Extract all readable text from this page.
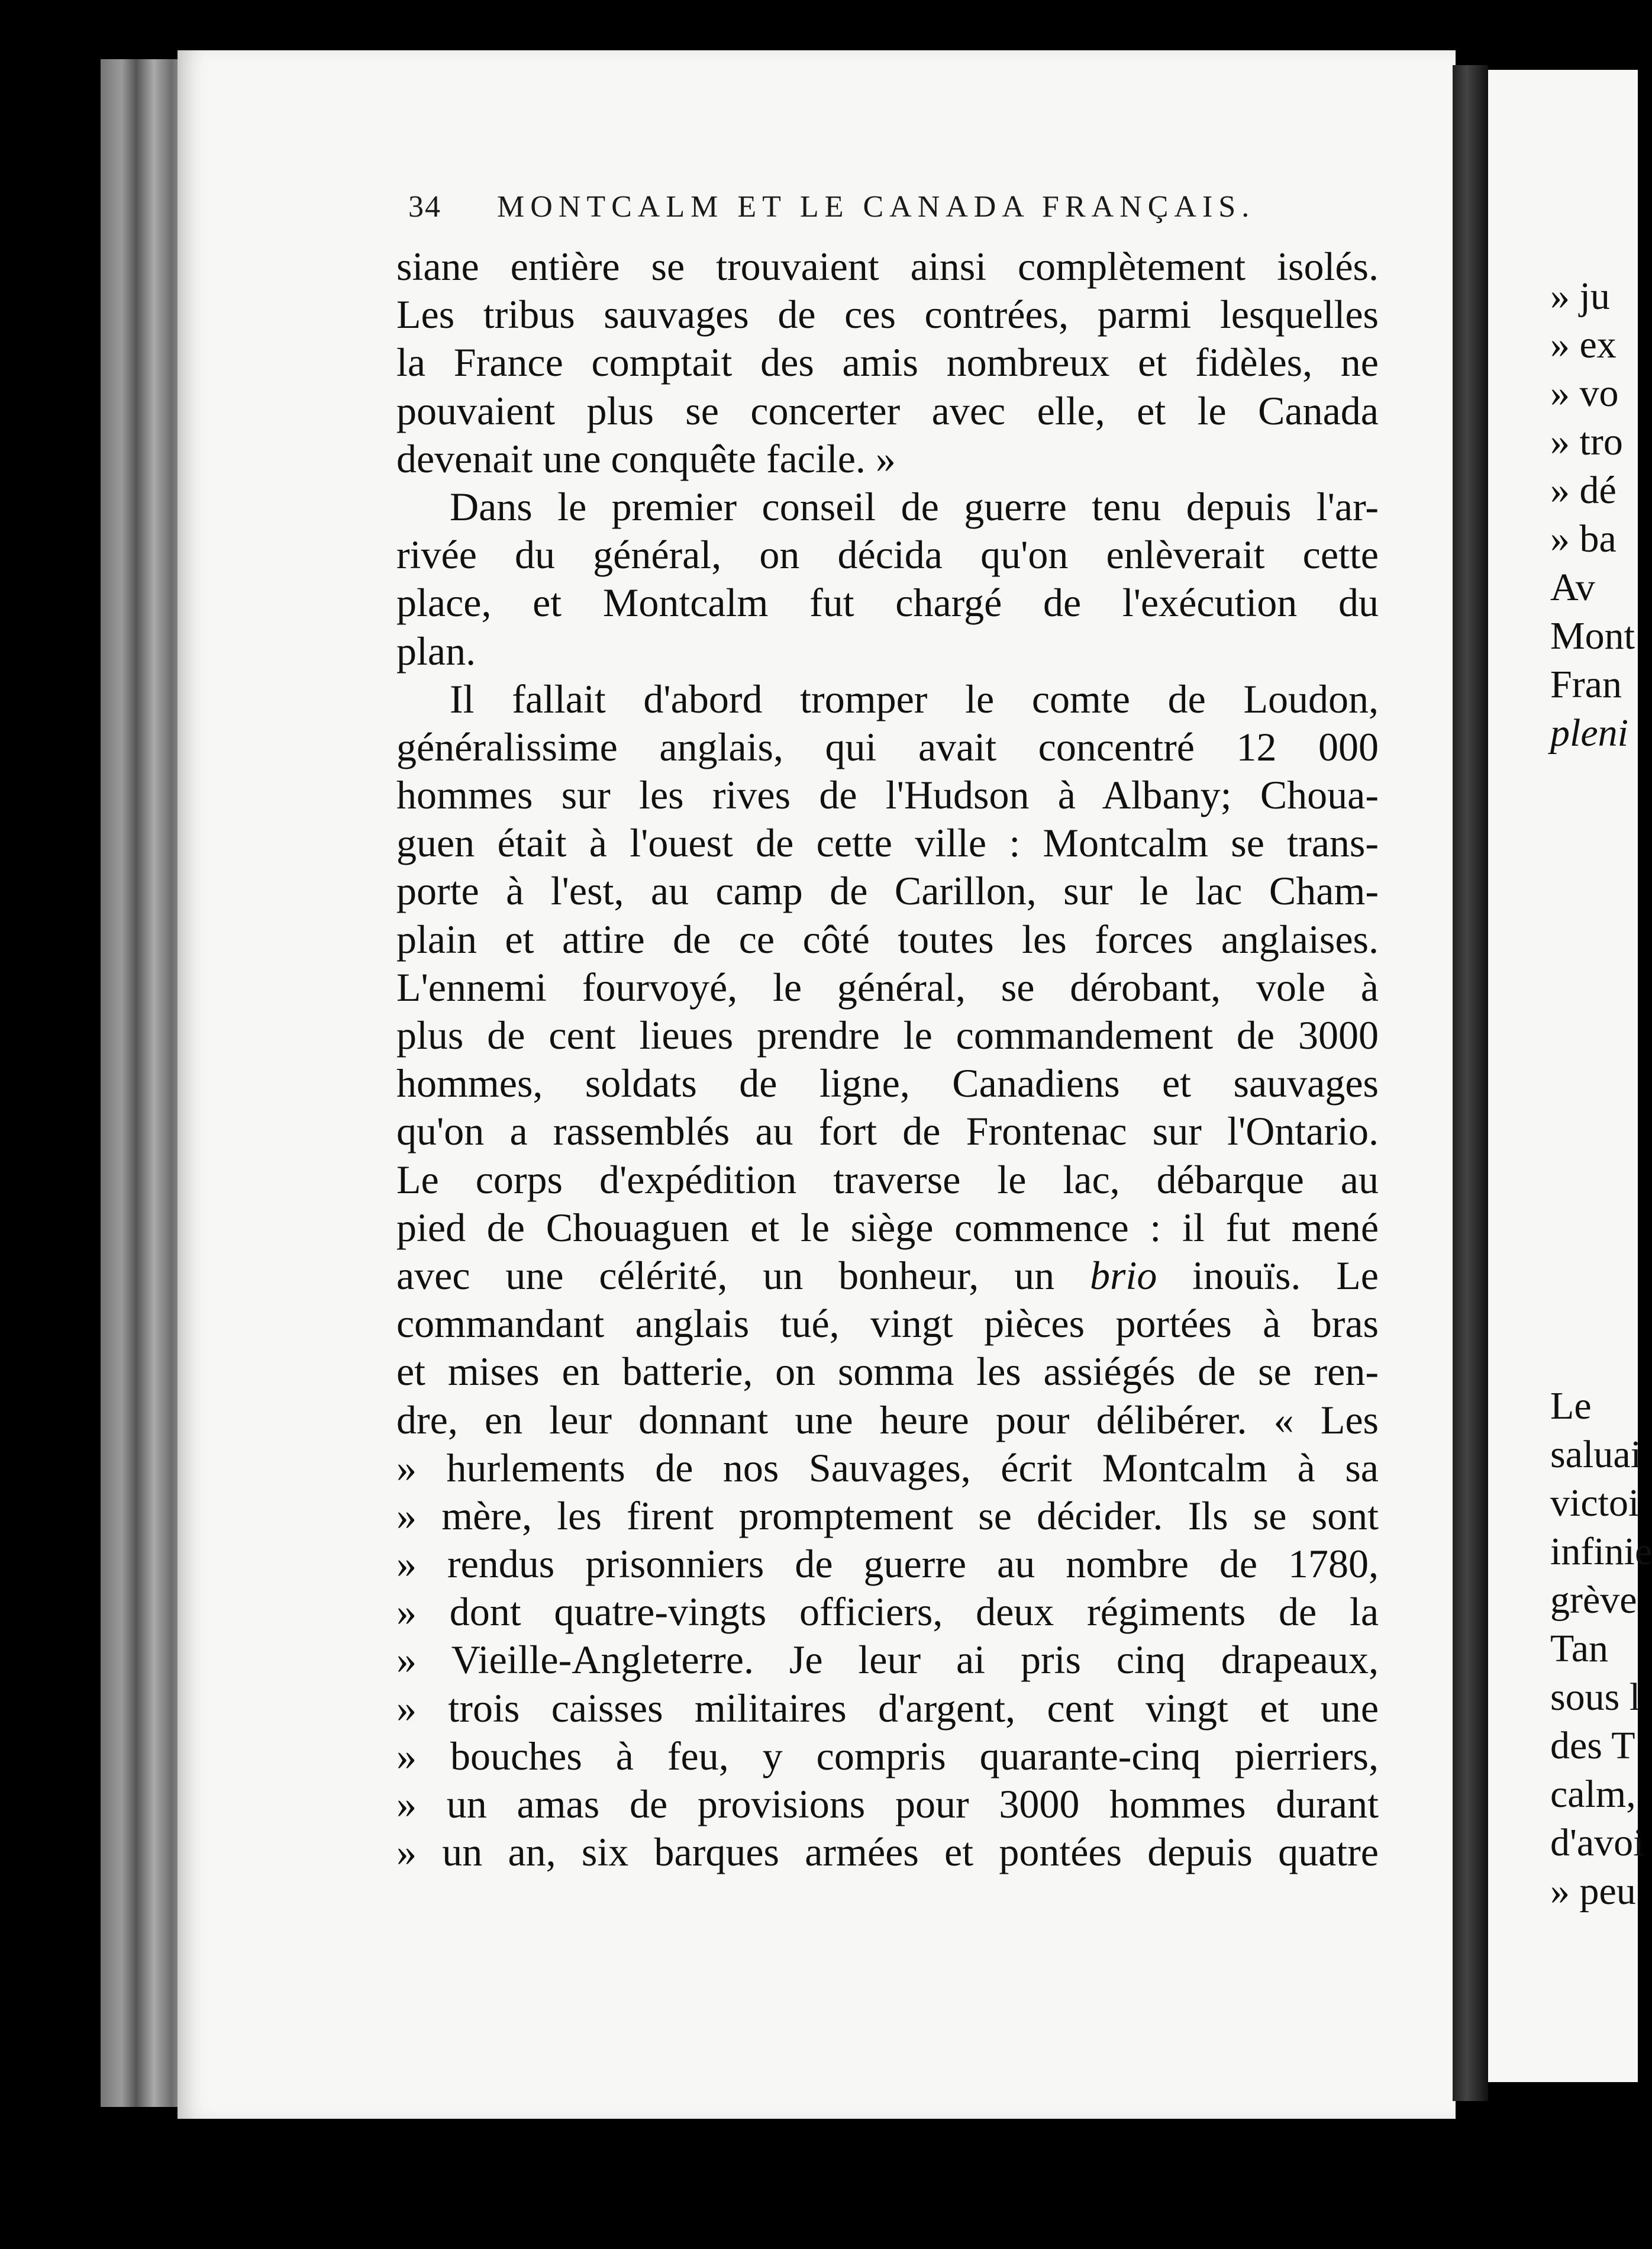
34 MONTCALM ET LE CANADA FRANÇAIS.
siane entière se trouvaient ainsi complètement isolés.
Les tribus sauvages de ces contrées, parmi lesquelles
la France comptait des amis nombreux et fidèles, ne
pouvaient plus se concerter avec elle, et le Canada
devenait une conquête facile. »
Dans le premier conseil de guerre tenu depuis l'ar-
rivée du général, on décida qu'on enlèverait cette
place, et Montcalm fut chargé de l'exécution du
plan.
Il fallait d'abord tromper le comte de Loudon,
généralissime anglais, qui avait concentré 12 000
hommes sur les rives de l'Hudson à Albany; Choua-
guen était à l'ouest de cette ville : Montcalm se trans-
porte à l'est, au camp de Carillon, sur le lac Cham-
plain et attire de ce côté toutes les forces anglaises.
L'ennemi fourvoyé, le général, se dérobant, vole à
plus de cent lieues prendre le commandement de 3000
hommes, soldats de ligne, Canadiens et sauvages
qu'on a rassemblés au fort de Frontenac sur l'Ontario.
Le corps d'expédition traverse le lac, débarque au
pied de Chouaguen et le siège commence : il fut mené
avec une célérité, un bonheur, un brio inouïs. Le
commandant anglais tué, vingt pièces portées à bras
et mises en batterie, on somma les assiégés de se ren-
dre, en leur donnant une heure pour délibérer. « Les
» hurlements de nos Sauvages, écrit Montcalm à sa
» mère, les firent promptement se décider. Ils se sont
» rendus prisonniers de guerre au nombre de 1780,
» dont quatre-vingts officiers, deux régiments de la
» Vieille-Angleterre. Je leur ai pris cinq drapeaux,
» trois caisses militaires d'argent, cent vingt et une
» bouches à feu, y compris quarante-cinq pierriers,
» un amas de provisions pour 3000 hommes durant
» un an, six barques armées et pontées depuis quatre
» ju
» ex
» vo
» tro
» dé
» ba
Av
Mont
Fran
pleni
Le
saluai
victoi
infinie
grève
Tan
sous l
des T
calm,
d'avoi
» peu
